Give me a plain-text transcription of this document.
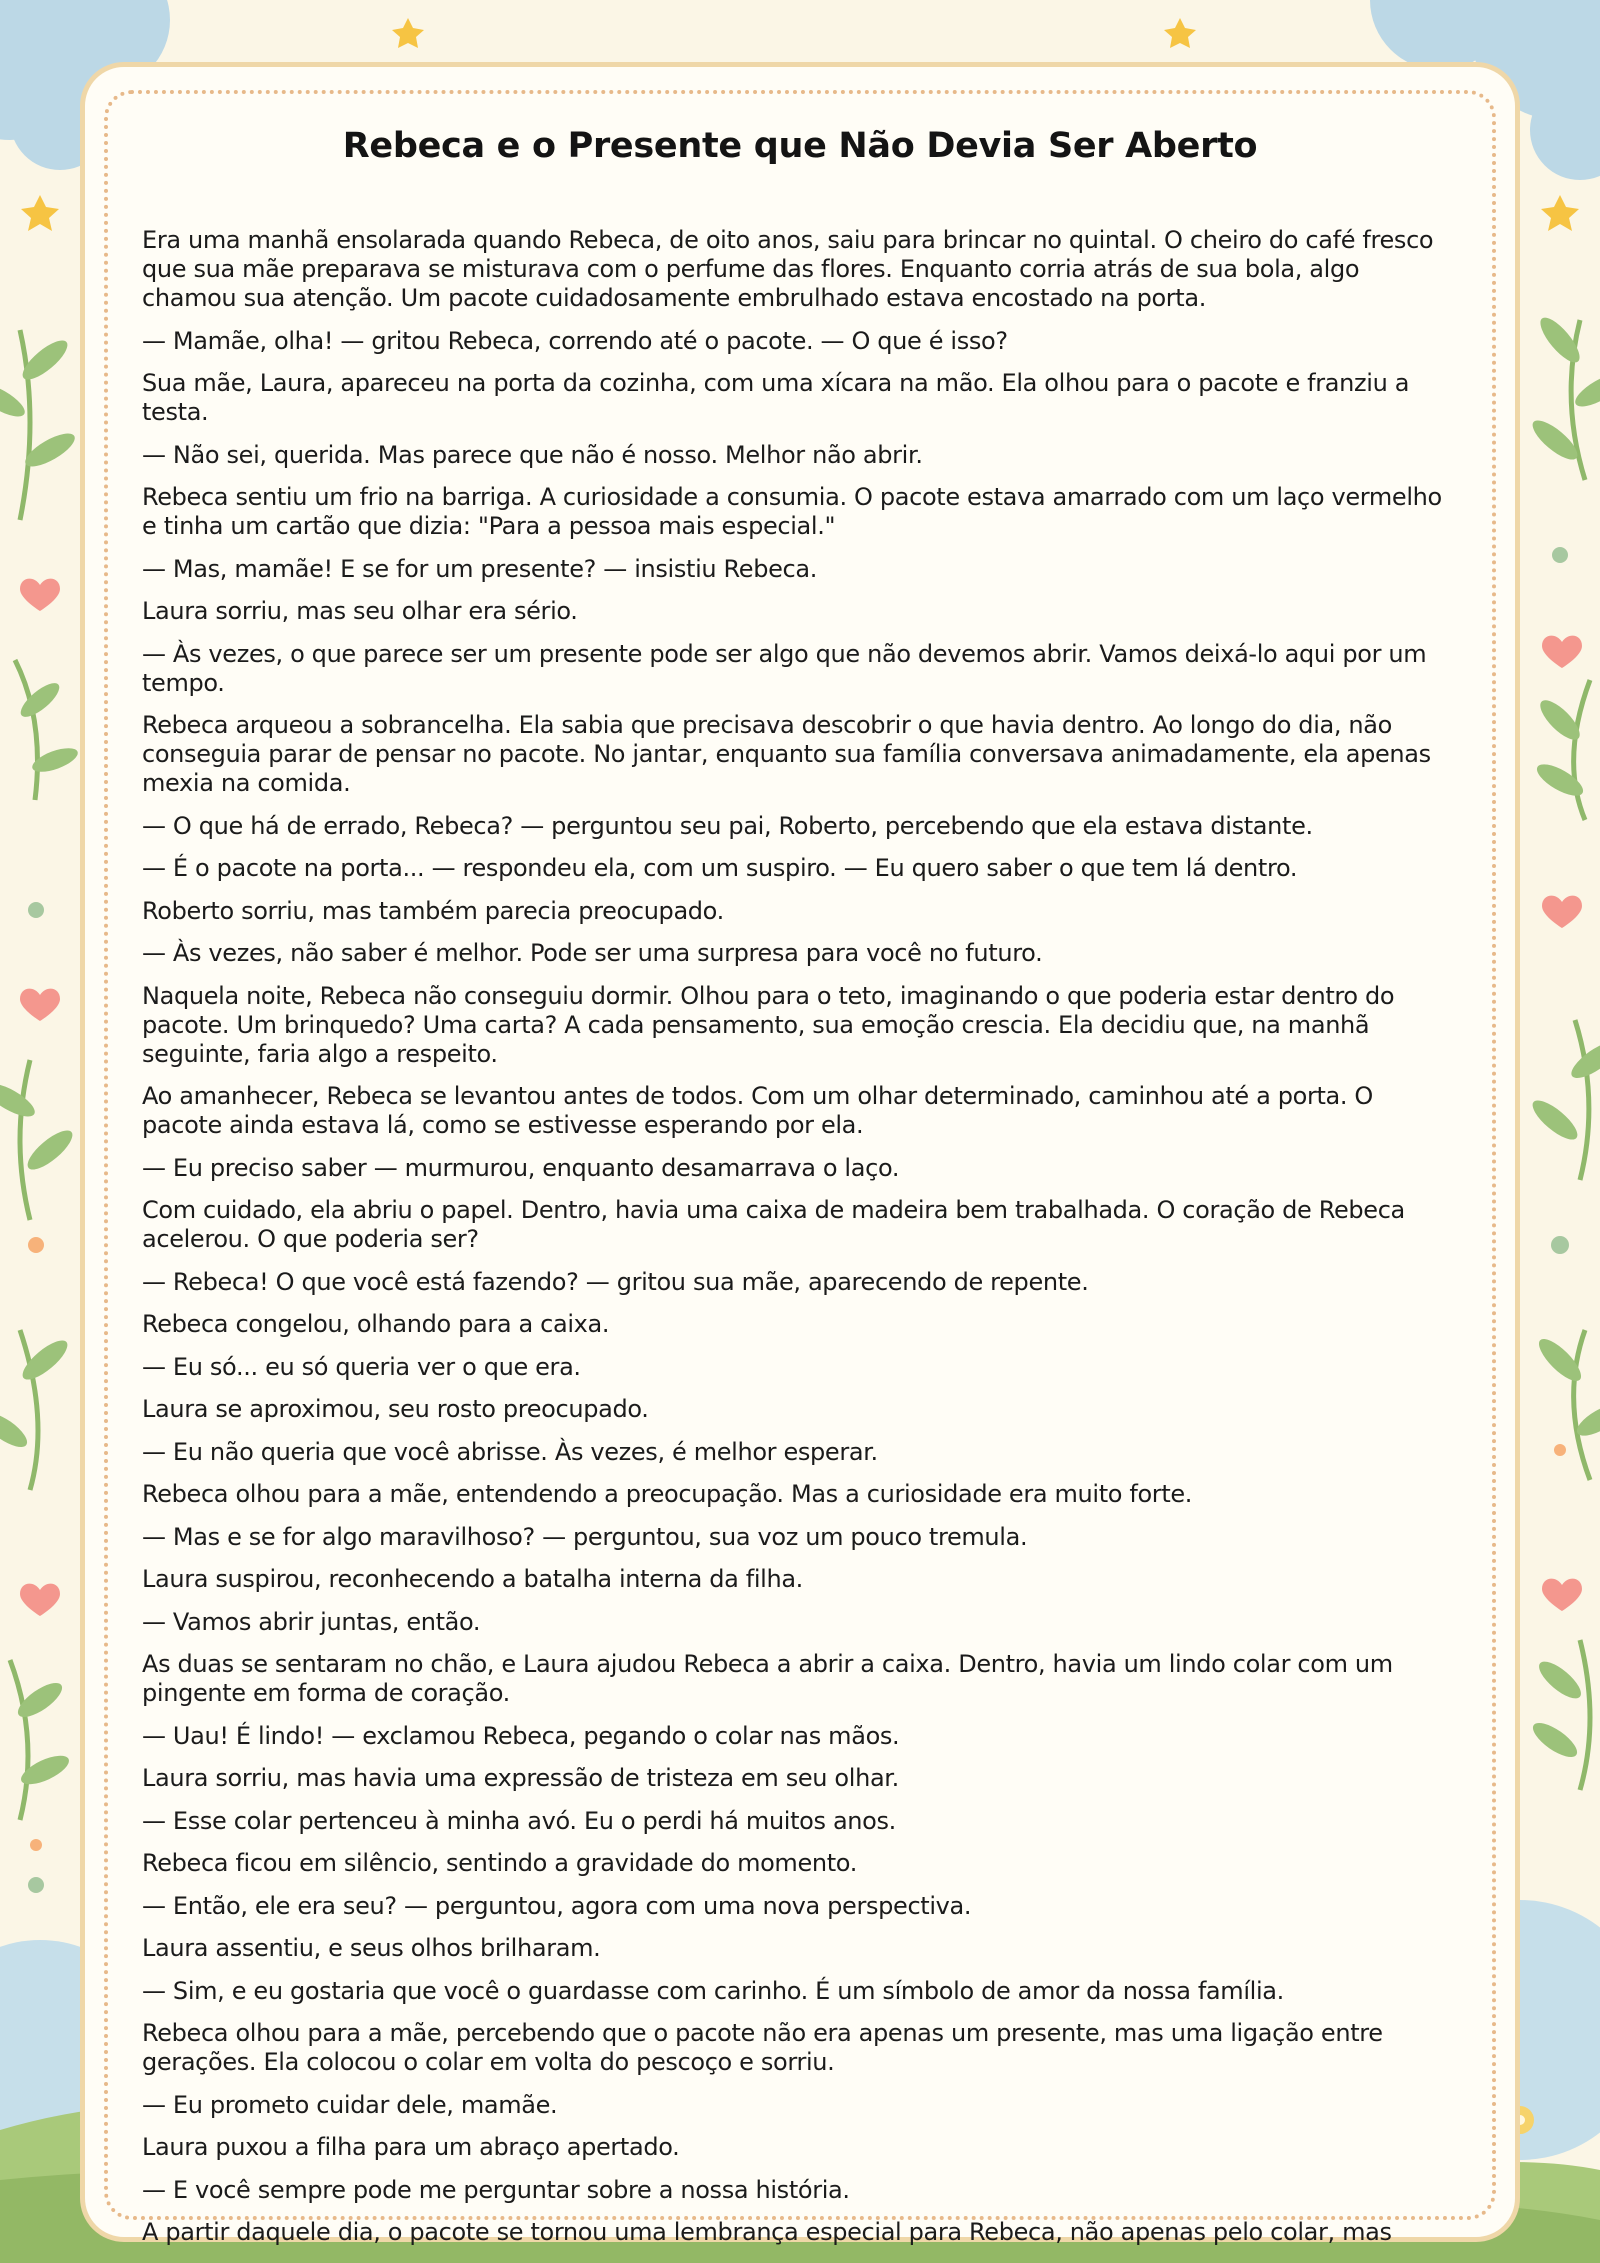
Rebeca e o Presente que Não Devia Ser Aberto

Era uma manhã ensolarada quando Rebeca, de oito anos, saiu para brincar no quintal. O cheiro do café fresco que sua mãe preparava se misturava com o perfume das flores. Enquanto corria atrás de sua bola, algo chamou sua atenção. Um pacote cuidadosamente embrulhado estava encostado na porta.

— Mamãe, olha! — gritou Rebeca, correndo até o pacote. — O que é isso?

Sua mãe, Laura, apareceu na porta da cozinha, com uma xícara na mão. Ela olhou para o pacote e franziu a testa.

— Não sei, querida. Mas parece que não é nosso. Melhor não abrir.

Rebeca sentiu um frio na barriga. A curiosidade a consumia. O pacote estava amarrado com um laço vermelho e tinha um cartão que dizia: "Para a pessoa mais especial."

— Mas, mamãe! E se for um presente? — insistiu Rebeca.

Laura sorriu, mas seu olhar era sério.

— Às vezes, o que parece ser um presente pode ser algo que não devemos abrir. Vamos deixá-lo aqui por um tempo.

Rebeca arqueou a sobrancelha. Ela sabia que precisava descobrir o que havia dentro. Ao longo do dia, não conseguia parar de pensar no pacote. No jantar, enquanto sua família conversava animadamente, ela apenas mexia na comida.

— O que há de errado, Rebeca? — perguntou seu pai, Roberto, percebendo que ela estava distante.

— É o pacote na porta... — respondeu ela, com um suspiro. — Eu quero saber o que tem lá dentro.

Roberto sorriu, mas também parecia preocupado.

— Às vezes, não saber é melhor. Pode ser uma surpresa para você no futuro.

Naquela noite, Rebeca não conseguiu dormir. Olhou para o teto, imaginando o que poderia estar dentro do pacote. Um brinquedo? Uma carta? A cada pensamento, sua emoção crescia. Ela decidiu que, na manhã seguinte, faria algo a respeito.

Ao amanhecer, Rebeca se levantou antes de todos. Com um olhar determinado, caminhou até a porta. O pacote ainda estava lá, como se estivesse esperando por ela.

— Eu preciso saber — murmurou, enquanto desamarrava o laço.

Com cuidado, ela abriu o papel. Dentro, havia uma caixa de madeira bem trabalhada. O coração de Rebeca acelerou. O que poderia ser?

— Rebeca! O que você está fazendo? — gritou sua mãe, aparecendo de repente.

Rebeca congelou, olhando para a caixa.

— Eu só... eu só queria ver o que era.

Laura se aproximou, seu rosto preocupado.

— Eu não queria que você abrisse. Às vezes, é melhor esperar.

Rebeca olhou para a mãe, entendendo a preocupação. Mas a curiosidade era muito forte.

— Mas e se for algo maravilhoso? — perguntou, sua voz um pouco tremula.

Laura suspirou, reconhecendo a batalha interna da filha.

— Vamos abrir juntas, então.

As duas se sentaram no chão, e Laura ajudou Rebeca a abrir a caixa. Dentro, havia um lindo colar com um pingente em forma de coração.

— Uau! É lindo! — exclamou Rebeca, pegando o colar nas mãos.

Laura sorriu, mas havia uma expressão de tristeza em seu olhar.

— Esse colar pertenceu à minha avó. Eu o perdi há muitos anos.

Rebeca ficou em silêncio, sentindo a gravidade do momento.

— Então, ele era seu? — perguntou, agora com uma nova perspectiva.

Laura assentiu, e seus olhos brilharam.

— Sim, e eu gostaria que você o guardasse com carinho. É um símbolo de amor da nossa família.

Rebeca olhou para a mãe, percebendo que o pacote não era apenas um presente, mas uma ligação entre gerações. Ela colocou o colar em volta do pescoço e sorriu.

— Eu prometo cuidar dele, mamãe.

Laura puxou a filha para um abraço apertado.

— E você sempre pode me perguntar sobre a nossa história.

A partir daquele dia, o pacote se tornou uma lembrança especial para Rebeca, não apenas pelo colar, mas
